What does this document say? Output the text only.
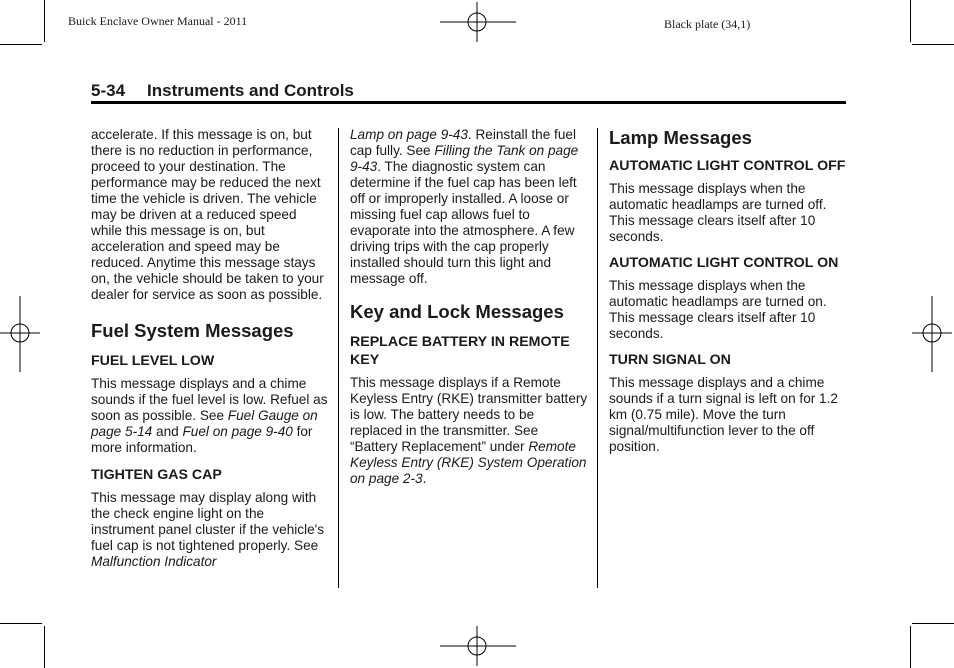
Buick Enclave Owner Manual - 2011	Black plate (34,1)
5-34 Instruments and Controls

accelerate. If this message is on, but there is no reduction in performance, proceed to your destination. The performance may be reduced the next time the vehicle is driven. The vehicle may be driven at a reduced speed while this message is on, but acceleration and speed may be reduced. Anytime this message stays on, the vehicle should be taken to your dealer for service as soon as possible.

Fuel System Messages
FUEL LEVEL LOW

This message displays and a chime sounds if the fuel level is low. Refuel as soon as possible. See Fuel Gauge on page 5-14 and Fuel on page 9-40 for more information.

TIGHTEN GAS CAP

This message may display along with the check engine light on the instrument panel cluster if the vehicle's fuel cap is not tightened properly. See Malfunction Indicator

Lamp on page 9-43. Reinstall the fuel cap fully. See Filling the Tank on page 9-43. The diagnostic system can determine if the fuel cap has been left off or improperly installed. A loose or missing fuel cap allows fuel to evaporate into the atmosphere. A few driving trips with the cap properly installed should turn this light and message off.

Key and Lock Messages
REPLACE BATTERY IN REMOTE KEY

This message displays if a Remote Keyless Entry (RKE) transmitter battery is low. The battery needs to be replaced in the transmitter. See “Battery Replacement” under Remote Keyless Entry (RKE) System Operation on page 2-3.

Lamp Messages
AUTOMATIC LIGHT CONTROL OFF

This message displays when the automatic headlamps are turned off. This message clears itself after 10 seconds.

AUTOMATIC LIGHT CONTROL ON

This message displays when the automatic headlamps are turned on. This message clears itself after 10 seconds.

TURN SIGNAL ON

This message displays and a chime sounds if a turn signal is left on for 1.2 km (0.75 mile). Move the turn signal/multifunction lever to the off position.
